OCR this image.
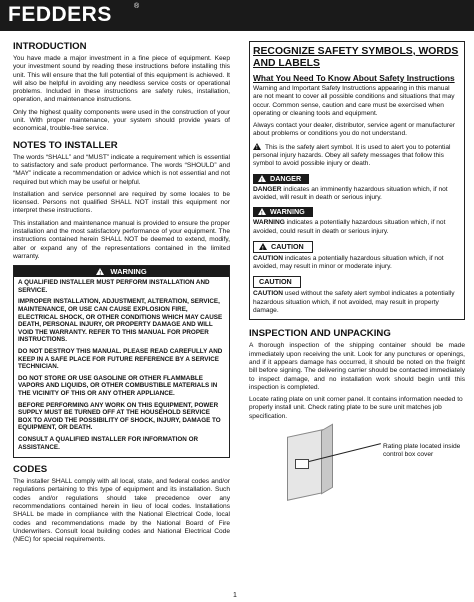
FEDDERS	®
INTRODUCTION

You have made a major investment in a fine piece of equipment. Keep your investment sound by reading these instructions before installing this unit. This will ensure that the full potential of this equipment is achieved. It will also be helpful in avoiding any needless service costs or operational problems. Included in these instructions are safety rules, installation, operation, and maintenance instructions.

Only the highest quality components were used in the construction of your unit. With proper maintenance, your system should provide years of economical, trouble-free service.

NOTES TO INSTALLER

The words “SHALL” and “MUST” indicate a requirement which is essential to satisfactory and safe product performance. The words “SHOULD” and “MAY” indicate a recommendation or advice which is not essential and not required but which may be useful or helpful.

Installation and service personnel are required by some locales to be licensed. Persons not qualified SHALL NOT install this equipment nor interpret these instructions.

This installation and maintenance manual is provided to ensure the proper installation and the most satisfactory performance of your equipment. The instructions contained herein SHALL NOT be deemed to extend, modify, alter or expand any of the representations contained in the limited warranty.

! WARNING

A QUALIFIED INSTALLER MUST PERFORM INSTALLATION AND SERVICE.

IMPROPER INSTALLATION, ADJUSTMENT, ALTERATION, SERVICE, MAINTENANCE, OR USE CAN CAUSE EXPLOSION FIRE, ELECTRICAL SHOCK, OR OTHER CONDITIONS WHICH MAY CAUSE DEATH, PERSONAL INJURY, OR PROPERTY DAMAGE AND WILL VOID THE WARRANTY. REFER TO THIS MANUAL FOR PROPER INSTRUCTIONS.

DO NOT DESTROY THIS MANUAL. PLEASE READ CAREFULLY AND KEEP IN A SAFE PLACE FOR FUTURE REFERENCE BY A SERVICE TECHNICIAN.

DO NOT STORE OR USE GASOLINE OR OTHER FLAMMABLE VAPORS AND LIQUIDS, OR OTHER COMBUSTIBLE MATERIALS IN THE VICINITY OF THIS OR ANY OTHER APPLIANCE.

BEFORE PERFORMING ANY WORK ON THIS EQUIPMENT, POWER SUPPLY MUST BE TURNED OFF AT THE HOUSEHOLD SERVICE BOX TO AVOID THE POSSIBILITY OF SHOCK, INJURY, DAMAGE TO EQUIPMENT, OR DEATH.

CONSULT A QUALIFIED INSTALLER FOR INFORMATION OR ASSISTANCE.

CODES

The installer SHALL comply with all local, state, and federal codes and/or regulations pertaining to this type of equipment and its installation. Such codes and/or regulations should take precedence over any recommendations contained herein in lieu of local codes. Installations SHALL be made in compliance with the National Electrical Code, local codes and recommendations made by the National Board of Fire Underwriters. Consult local building codes and National Electrical Code (NEC) for special requirements.

RECOGNIZE SAFETY SYMBOLS, WORDS AND LABELS
What You Need To Know About Safety Instructions

Warning and Important Safety Instructions appearing in this manual are not meant to cover all possible conditions and situations that may occur. Common sense, caution and care must be exercised when operating or cleaning tools and equipment.

Always contact your dealer, distributor, service agent or manufacturer about problems or conditions you do not understand.

! This is the safety alert symbol. It is used to alert you to potential personal injury hazards. Obey all safety messages that follow this symbol to avoid possible injury or death.

! DANGER

DANGER indicates an imminently hazardous situation which, if not avoided, will result in death or serious injury.

! WARNING

WARNING indicates a potentially hazardous situation which, if not avoided, could result in death or serious injury.

! CAUTION

CAUTION indicates a potentially hazardous situation which, if not avoided, may result in minor or moderate injury.

CAUTION

CAUTION used without the safety alert symbol indicates a potentially hazardous situation which, if not avoided, may result in property damage.

INSPECTION AND UNPACKING

A thorough inspection of the shipping container should be made immediately upon receiving the unit. Look for any punctures or openings, and if it appears damage has occurred, it should be noted on the freight bill before signing. The delivering carrier should be contacted immediately to inspect damage, and no installation work should begin until this inspection is completed.

Locate rating plate on unit corner panel. It contains information needed to properly install unit. Check rating plate to be sure unit matches job specification.

Rating plate located inside control box cover
1
